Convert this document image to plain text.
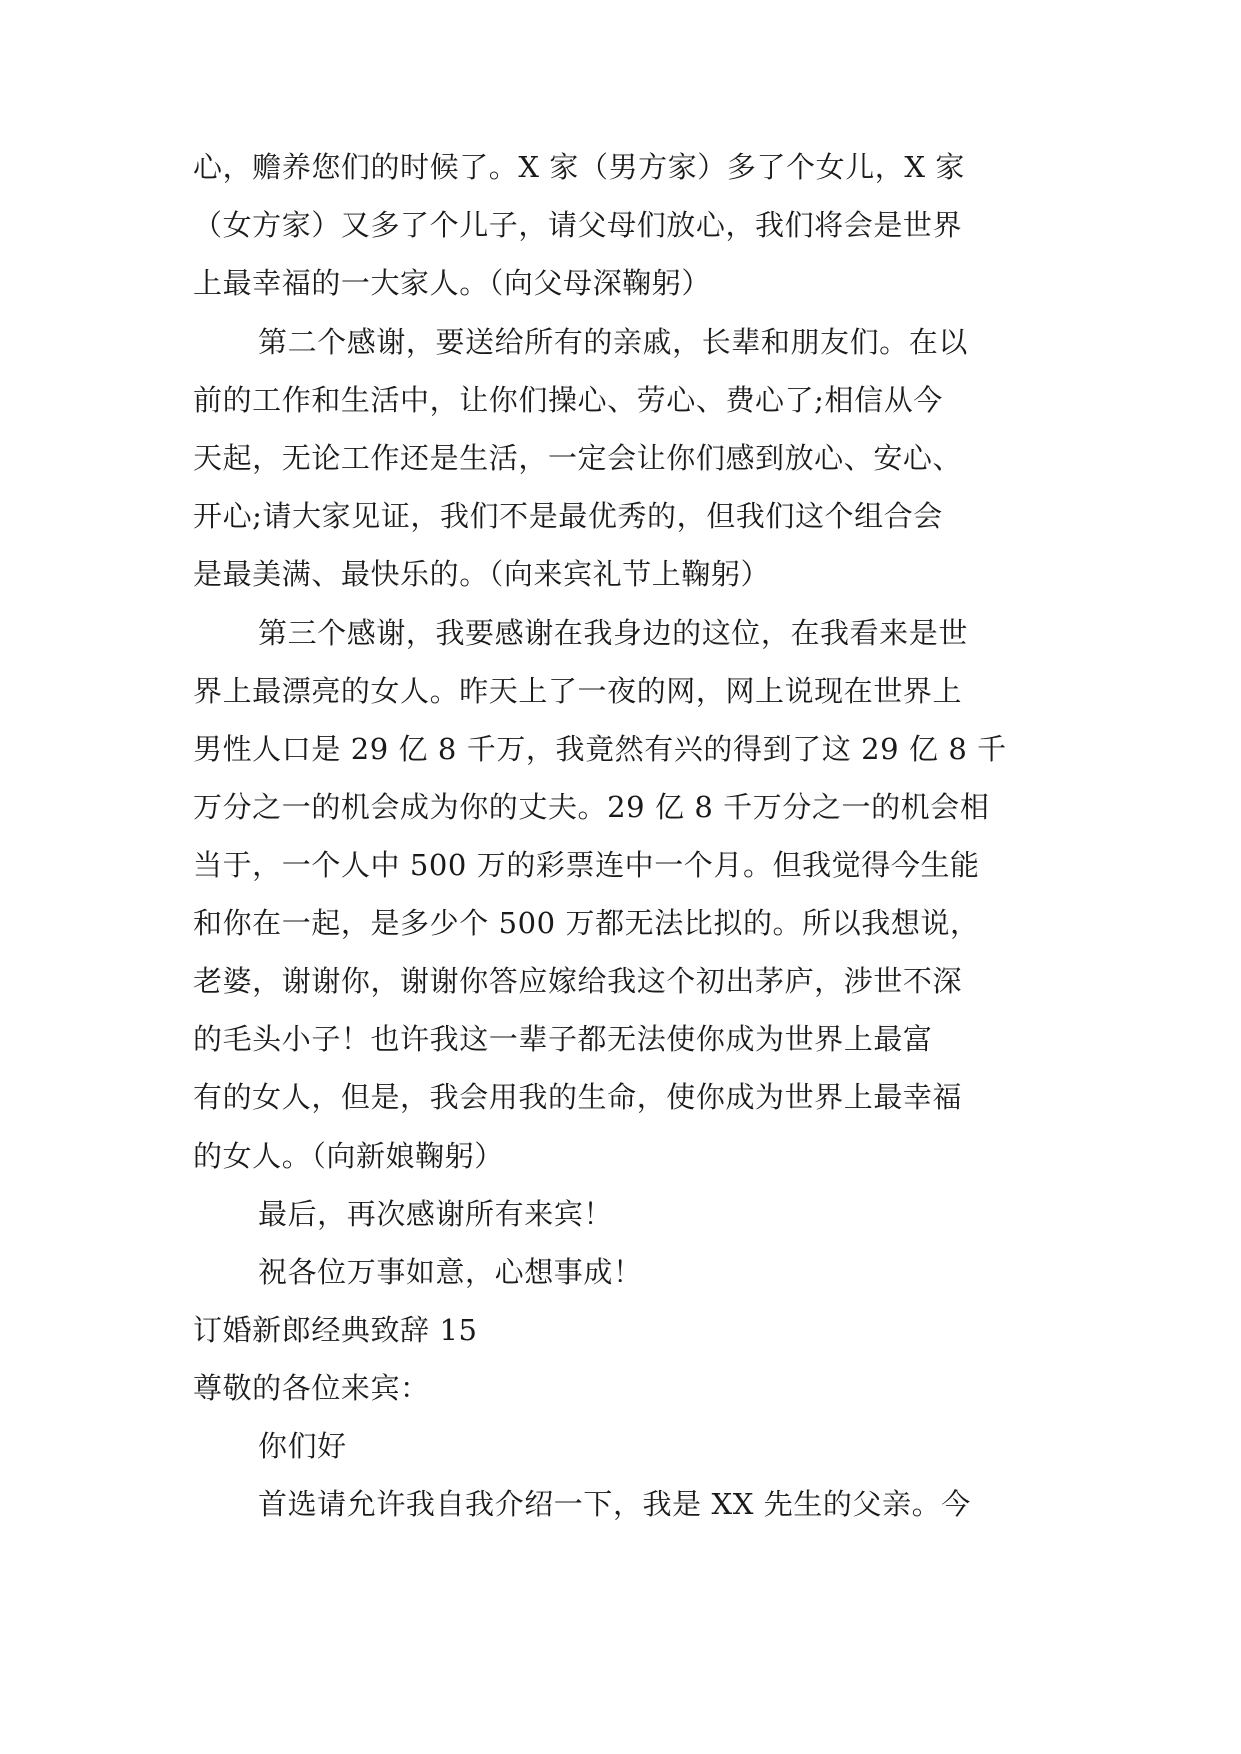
心，赡养您们的时候了。X 家（男方家）多了个女儿，X 家
（女方家）又多了个儿子，请父母们放心，我们将会是世界
上最幸福的一大家人。（向父母深鞠躬）
第二个感谢，要送给所有的亲戚，长辈和朋友们。在以
前的工作和生活中，让你们操心、劳心、费心了;相信从今
天起，无论工作还是生活，一定会让你们感到放心、安心、
开心;请大家见证，我们不是最优秀的，但我们这个组合会
是最美满、最快乐的。（向来宾礼节上鞠躬）
第三个感谢，我要感谢在我身边的这位，在我看来是世
界上最漂亮的女人。昨天上了一夜的网，网上说现在世界上
男性人口是 29 亿 8 千万，我竟然有兴的得到了这 29 亿 8 千
万分之一的机会成为你的丈夫。29 亿 8 千万分之一的机会相
当于，一个人中 500 万的彩票连中一个月。但我觉得今生能
和你在一起，是多少个 500 万都无法比拟的。所以我想说，
老婆，谢谢你，谢谢你答应嫁给我这个初出茅庐，涉世不深
的毛头小子！也许我这一辈子都无法使你成为世界上最富
有的女人，但是，我会用我的生命，使你成为世界上最幸福
的女人。（向新娘鞠躬）
最后，再次感谢所有来宾！
祝各位万事如意，心想事成！
订婚新郎经典致辞 15
尊敬的各位来宾：
你们好
首选请允许我自我介绍一下，我是 XX 先生的父亲。今
